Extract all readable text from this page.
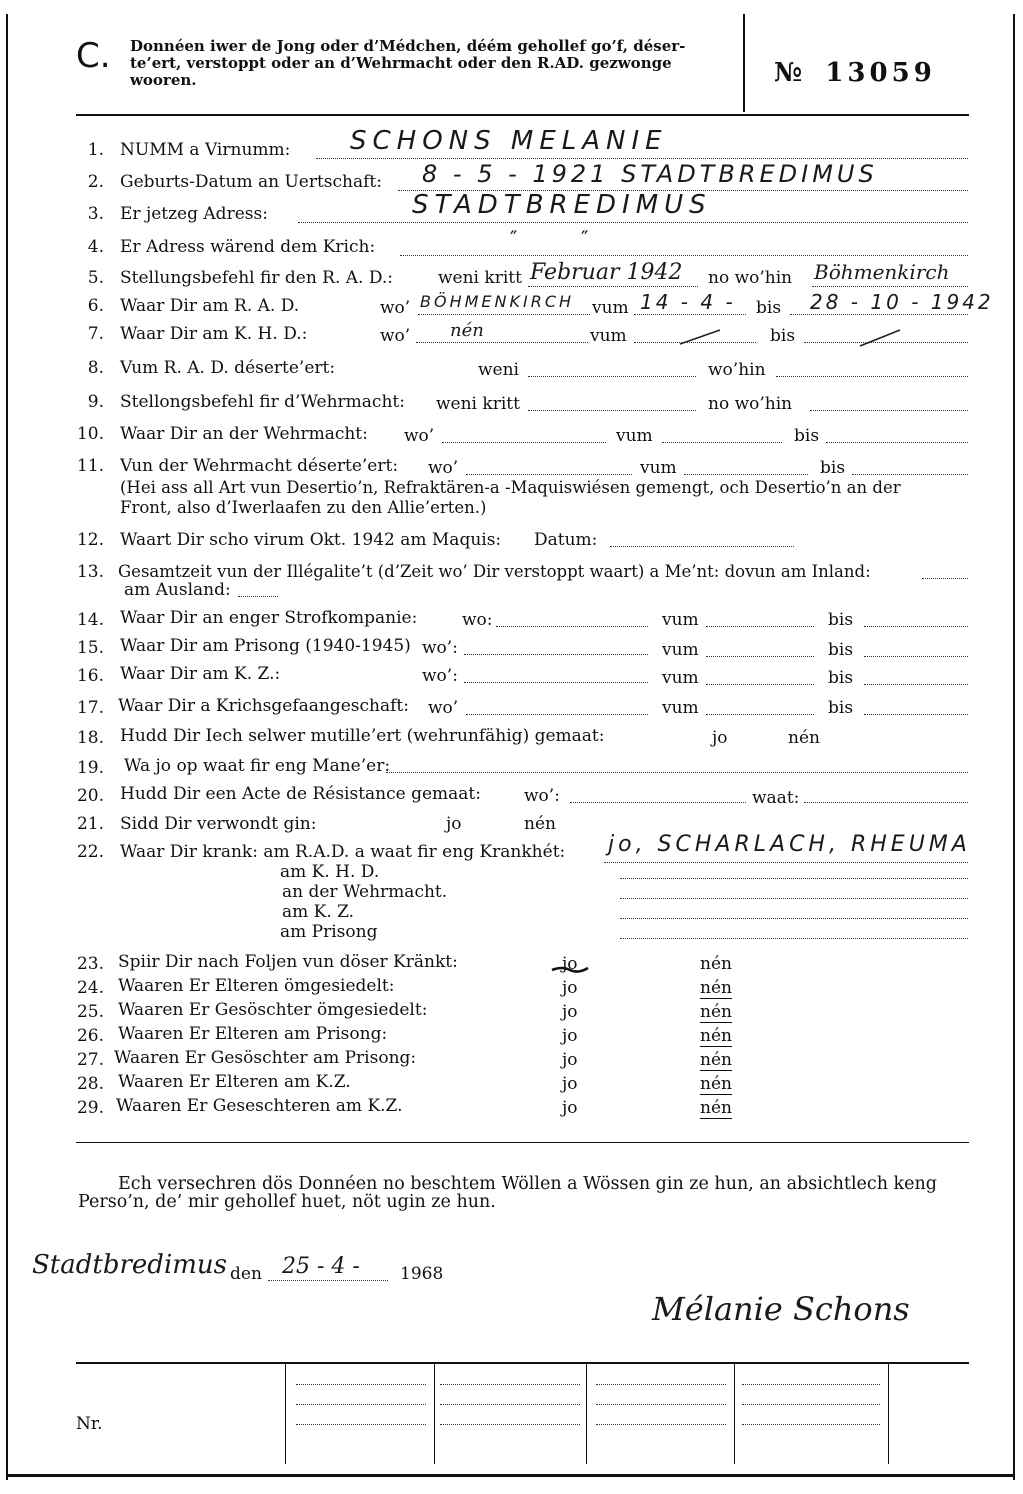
C. Donnéen iwer de Jong oder d’Médchen, déém gehollef go’f, déser-
te’ert, verstoppt oder an d’Wehrmacht oder den R.AD. gezwonge
wooren.	№ 13059
1. NUMM a Virnumm: SCHONS MELANIE
2. Geburts-Datum an Uertschaft: 8 - 5 - 1921 STADTBREDIMUS
3. Er jetzeg Adress:	STADTBREDIMUS
4. Er Adress wärend dem Krich:	″          ″
5. Stellungsbefehl fir den R. A. D.:	weni kritt Februar 1942 no wo’hin Böhmenkirch
6. Waar Dir am R. A. D.	wo’ BÖHMENKIRCH vum 14 - 4 - bis 28 - 10 - 1942
7. Waar Dir am K. H. D.:	wo’ nén	vum	bis
8. Vum R. A. D. déserte’ert:	weni	wo’hin
9. Stellongsbefehl fir d’Wehrmacht: weni kritt	no wo’hin
10. Waar Dir an der Wehrmacht: wo’	vum	bis
11. Vun der Wehrmacht déserte’ert: wo’	vum	bis
(Hei ass all Art vun Desertio’n, Refraktären-a -Maquiswiésen gemengt, och Desertio’n an der
Front, also d’Iwerlaafen zu den Allie’erten.)
12. Waart Dir scho virum Okt. 1942 am Maquis: Datum:
13. Gesamtzeit vun der Illégalite’t (d’Zeit wo’ Dir verstoppt waart) a Me’nt: dovun am Inland:
am Ausland:
14. Waar Dir an enger Strofkompanie:	wo:	vum	bis
15. Waar Dir am Prisong (1940-1945) wo’:	vum	bis
16. Waar Dir am K. Z.:	wo’:	vum	bis
17. Waar Dir a Krichsgefaangeschaft: wo’	vum	bis
18. Hudd Dir Iech selwer mutille’ert (wehrunfähig) gemaat:	jo	nén
19. Wa jo op waat fir eng Mane’er:
20. Hudd Dir een Acte de Résistance gemaat:	wo’:	waat:
21. Sidd Dir verwondt gin:	jo	nén
22. Waar Dir krank: am R.A.D. a waat fir eng Krankhét: jo, SCHARLACH, RHEUMA
am K. H. D.
an der Wehrmacht.
am K. Z.
am Prisong
23. Spiir Dir nach Foljen vun döser Kränkt:	jo	nén
24. Waaren Er Elteren ömgesiedelt:	jo	nén
25. Waaren Er Gesöschter ömgesiedelt:	jo	nén
26. Waaren Er Elteren am Prisong:	jo	nén
27. Waaren Er Gesöschter am Prisong:	jo	nén
28. Waaren Er Elteren am K.Z.	jo	nén
29. Waaren Er Geseschteren am K.Z.	jo	nén
Ech versechren dös Donnéen no beschtem Wöllen a Wössen gin ze hun, an absichtlech keng
Perso’n, de’ mir gehollef huet, nöt ugin ze hun.
Stadtbredimus den 25 - 4 - 1968
Mélanie Schons
Nr.
